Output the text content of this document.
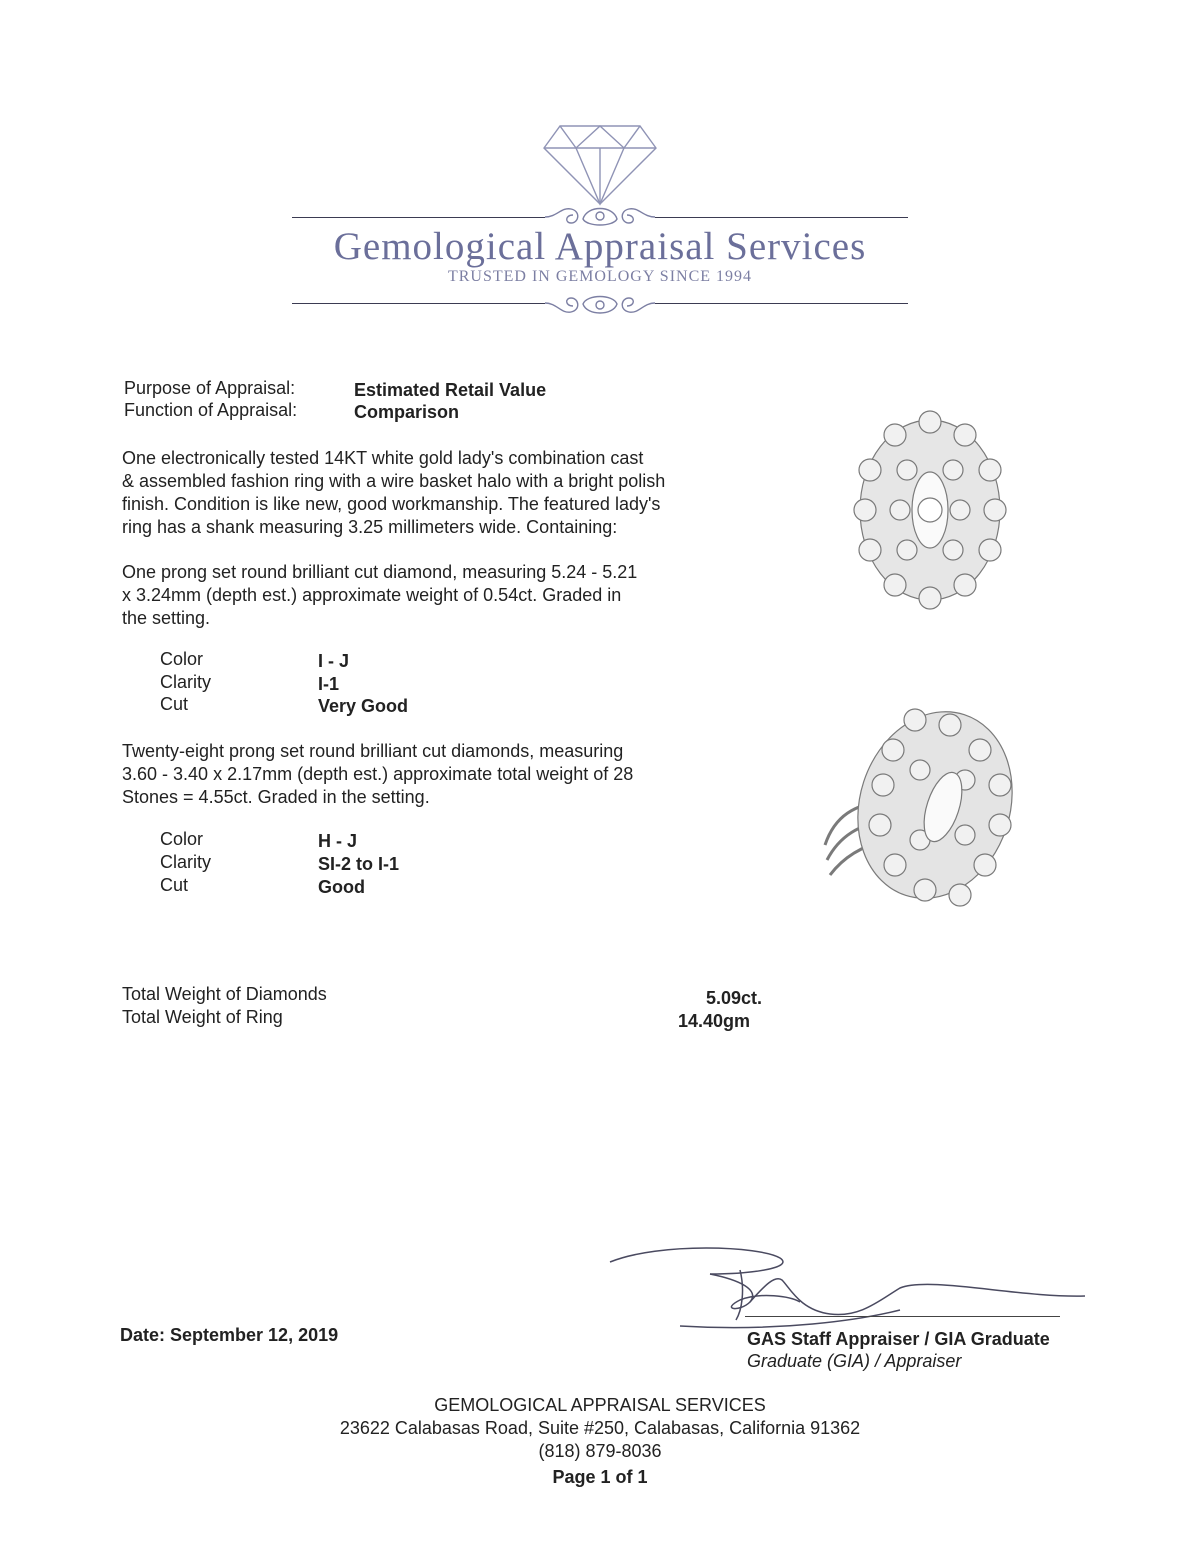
Gemological Appraisal Services
TRUSTED IN GEMOLOGY SINCE 1994
Purpose of Appraisal:	Estimated Retail Value
Function of Appraisal:	Comparison
One electronically tested 14KT white gold lady's combination cast
& assembled fashion ring with a wire basket halo with a bright polish
finish. Condition is like new, good workmanship. The featured lady's
ring has a shank measuring 3.25 millimeters wide. Containing:
One prong set round brilliant cut diamond, measuring 5.24 - 5.21
x 3.24mm (depth est.) approximate weight of 0.54ct. Graded in
the setting.
Color	I - J
Clarity	I-1
Cut	Very Good
Twenty-eight prong set round brilliant cut diamonds, measuring
3.60 - 3.40 x 2.17mm (depth est.) approximate total weight of 28
Stones = 4.55ct. Graded in the setting.
Color	H - J
Clarity	SI-2 to I-1
Cut	Good
Total Weight of Diamonds	5.09ct.
Total Weight of Ring	14.40gm
Date: September 12, 2019	GAS Staff Appraiser / GIA Graduate
Graduate (GIA) / Appraiser
GEMOLOGICAL APPRAISAL SERVICES
23622 Calabasas Road, Suite #250, Calabasas, California 91362
(818) 879-8036
Page 1 of 1
